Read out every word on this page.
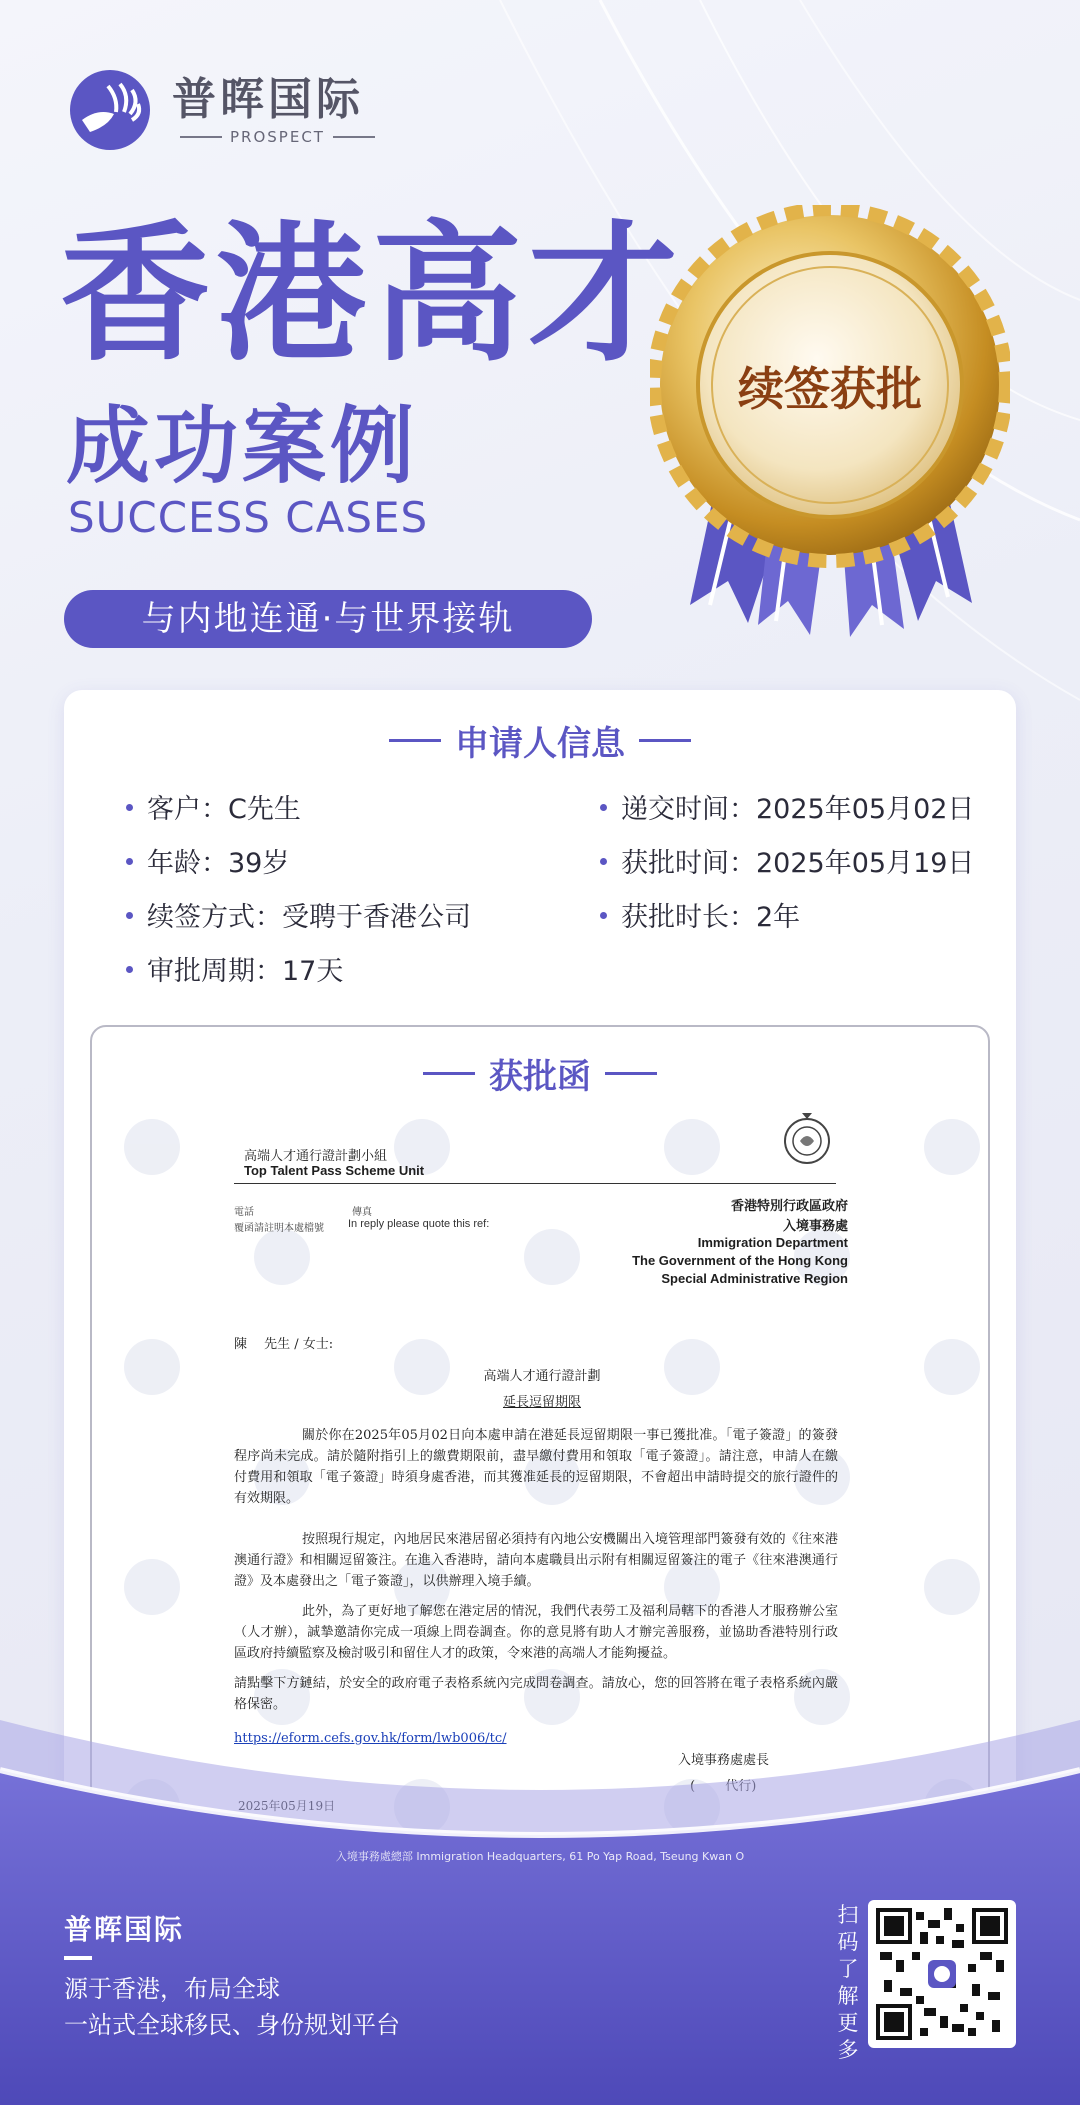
普晖国际
PROSPECT
香港高才
成功案例
SUCCESS CASES
与内地连通·与世界接轨
续签获批
申请人信息
客户：C先生
年龄：39岁
续签方式：受聘于香港公司
审批周期：17天
递交时间：2025年05月02日
获批时间：2025年05月19日
获批时长：2年
获批函
高端人才通行證計劃小組
Top Talent Pass Scheme Unit
電話	傳真
覆函請註明本處檔號 In reply please quote this ref:
香港特別行政區政府
入境事務處
Immigration Department
The Government of the Hong Kong
Special Administrative Region
陳　 先生 / 女士:
高端人才通行證計劃
延長逗留期限
關於你在2025年05月02日向本處申請在港延長逗留期限一事已獲批准。「電子簽證」的簽發程序尚未完成。請於隨附指引上的繳費期限前，盡早繳付費用和領取「電子簽證」。請注意，申請人在繳付費用和領取「電子簽證」時須身處香港，而其獲准延長的逗留期限，不會超出申請時提交的旅行證件的有效期限。
按照現行規定，內地居民來港居留必須持有內地公安機關出入境管理部門簽發有效的《往來港澳通行證》和相關逗留簽注。在進入香港時，請向本處職員出示附有相關逗留簽注的電子《往來港澳通行證》及本處發出之「電子簽證」，以供辦理入境手續。
此外，為了更好地了解您在港定居的情況，我們代表勞工及福利局轄下的香港人才服務辦公室（人才辦），誠摯邀請你完成一項線上問卷調查。你的意見將有助人才辦完善服務，並協助香港特別行政區政府持續監察及檢討吸引和留住人才的政策，令來港的高端人才能夠擾益。
請點擊下方鏈結，於安全的政府電子表格系統內完成問卷調查。請放心，您的回答將在電子表格系統內嚴格保密。
https://eform.cefs.gov.hk/form/lwb006/tc/
入境事務處處長
入境事務處總部 Immigration Headquarters, 61 Po Yap Road, Tseung Kwan O
普晖国际
源于香港，布局全球
一站式全球移民、身份规划平台
扫
码
了
解
更
多
